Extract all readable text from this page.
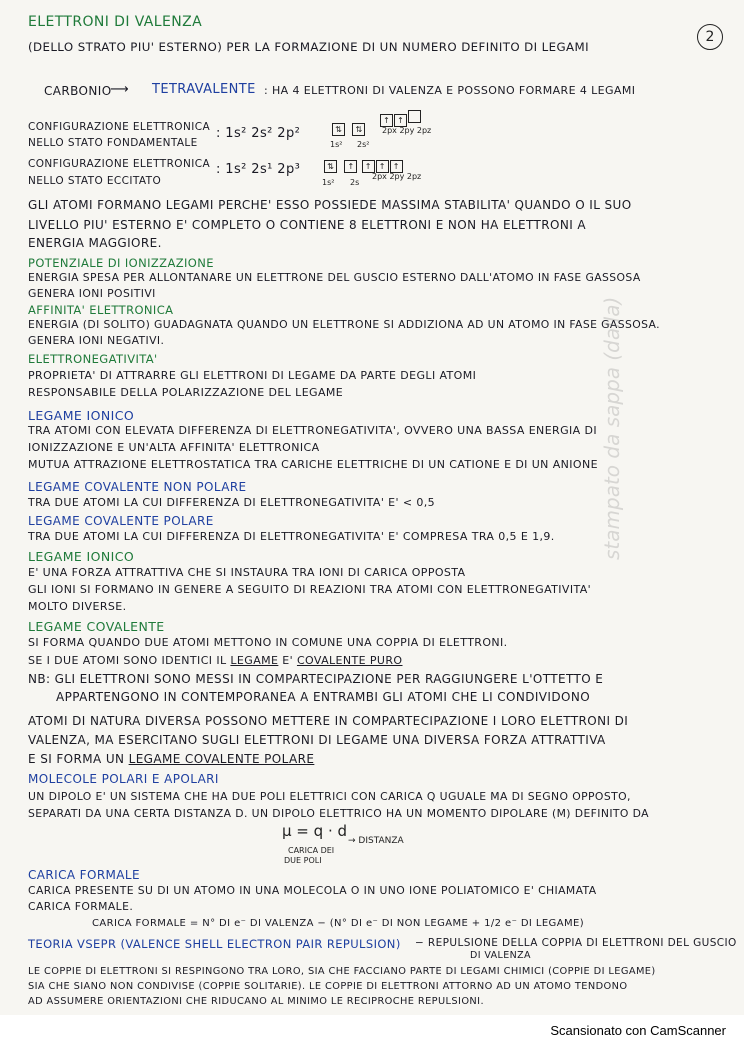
2
ELETTRONI DI VALENZA
(DELLO STRATO PIU' ESTERNO) PER LA FORMAZIONE DI UN NUMERO DEFINITO DI LEGAMI
CARBONIO
⟶ TETRAVALENTE : HA 4 ELETTRONI DI VALENZA E POSSONO FORMARE 4 LEGAMI
CONFIGURAZIONE ELETTRONICA
NELLO STATO FONDAMENTALE
: 1s² 2s² 2p²	⇅ ⇅
↑ ↑
1s² 2s²
2px 2py 2pz
CONFIGURAZIONE ELETTRONICA
NELLO STATO ECCITATO
: 1s² 2s¹ 2p³	⇅ ↑ ↑ ↑ ↑
1s² 2s
2px 2py 2pz
GLI ATOMI FORMANO LEGAMI PERCHE' ESSO POSSIEDE MASSIMA STABILITA' QUANDO O IL SUO
LIVELLO PIU' ESTERNO E' COMPLETO O CONTIENE 8 ELETTRONI E NON HA ELETTRONI A
ENERGIA MAGGIORE.
POTENZIALE DI IONIZZAZIONE
ENERGIA SPESA PER ALLONTANARE UN ELETTRONE DEL GUSCIO ESTERNO DALL'ATOMO IN FASE GASSOSA
GENERA IONI POSITIVI
AFFINITA' ELETTRONICA
ENERGIA (DI SOLITO) GUADAGNATA QUANDO UN ELETTRONE SI ADDIZIONA AD UN ATOMO IN FASE GASSOSA.
GENERA IONI NEGATIVI.
ELETTRONEGATIVITA'
PROPRIETA' DI ATTRARRE GLI ELETTRONI DI LEGAME DA PARTE DEGLI ATOMI
RESPONSABILE DELLA POLARIZZAZIONE DEL LEGAME
LEGAME IONICO
TRA ATOMI CON ELEVATA DIFFERENZA DI ELETTRONEGATIVITA', OVVERO UNA BASSA ENERGIA DI
IONIZZAZIONE E UN'ALTA AFFINITA' ELETTRONICA
MUTUA ATTRAZIONE ELETTROSTATICA TRA CARICHE ELETTRICHE DI UN CATIONE E DI UN ANIONE
LEGAME COVALENTE NON POLARE
TRA DUE ATOMI LA CUI DIFFERENZA DI ELETTRONEGATIVITA' E' < 0,5
LEGAME COVALENTE POLARE
TRA DUE ATOMI LA CUI DIFFERENZA DI ELETTRONEGATIVITA' E' COMPRESA TRA 0,5 E 1,9.
LEGAME IONICO
E' UNA FORZA ATTRATTIVA CHE SI INSTAURA TRA IONI DI CARICA OPPOSTA
GLI IONI SI FORMANO IN GENERE A SEGUITO DI REAZIONI TRA ATOMI CON ELETTRONEGATIVITA'
MOLTO DIVERSE.
LEGAME COVALENTE
SI FORMA QUANDO DUE ATOMI METTONO IN COMUNE UNA COPPIA DI ELETTRONI.
SE I DUE ATOMI SONO IDENTICI IL LEGAME E' COVALENTE PURO
NB: GLI ELETTRONI SONO MESSI IN COMPARTECIPAZIONE PER RAGGIUNGERE L'OTTETTO E
APPARTENGONO IN CONTEMPORANEA A ENTRAMBI GLI ATOMI CHE LI CONDIVIDONO
ATOMI DI NATURA DIVERSA POSSONO METTERE IN COMPARTECIPAZIONE I LORO ELETTRONI DI
VALENZA, MA ESERCITANO SUGLI ELETTRONI DI LEGAME UNA DIVERSA FORZA ATTRATTIVA
E SI FORMA UN LEGAME COVALENTE POLARE
MOLECOLE POLARI E APOLARI
UN DIPOLO E' UN SISTEMA CHE HA DUE POLI ELETTRICI CON CARICA Q UGUALE MA DI SEGNO OPPOSTO,
SEPARATI DA UNA CERTA DISTANZA D. UN DIPOLO ELETTRICO HA UN MOMENTO DIPOLARE (Μ) DEFINITO DA
μ = q · d
→ DISTANZA
CARICA DEI
DUE POLI
CARICA FORMALE
CARICA PRESENTE SU DI UN ATOMO IN UNA MOLECOLA O IN UNO IONE POLIATOMICO E' CHIAMATA
CARICA FORMALE.
CARICA FORMALE = N° DI e⁻ DI VALENZA − (N° DI e⁻ DI NON LEGAME + 1/2 e⁻ DI LEGAME)
TEORIA VSEPR (VALENCE SHELL ELECTRON PAIR REPULSION) − REPULSIONE DELLA COPPIA DI ELETTRONI DEL GUSCIO
DI VALENZA
LE COPPIE DI ELETTRONI SI RESPINGONO TRA LORO, SIA CHE FACCIANO PARTE DI LEGAMI CHIMICI (COPPIE DI LEGAME)
SIA CHE SIANO NON CONDIVISE (COPPIE SOLITARIE). LE COPPIE DI ELETTRONI ATTORNO AD UN ATOMO TENDONO
AD ASSUMERE ORIENTAZIONI CHE RIDUCANO AL MINIMO LE RECIPROCHE REPULSIONI.
stampato da sappa (dalla)
Scansionato con CamScanner
